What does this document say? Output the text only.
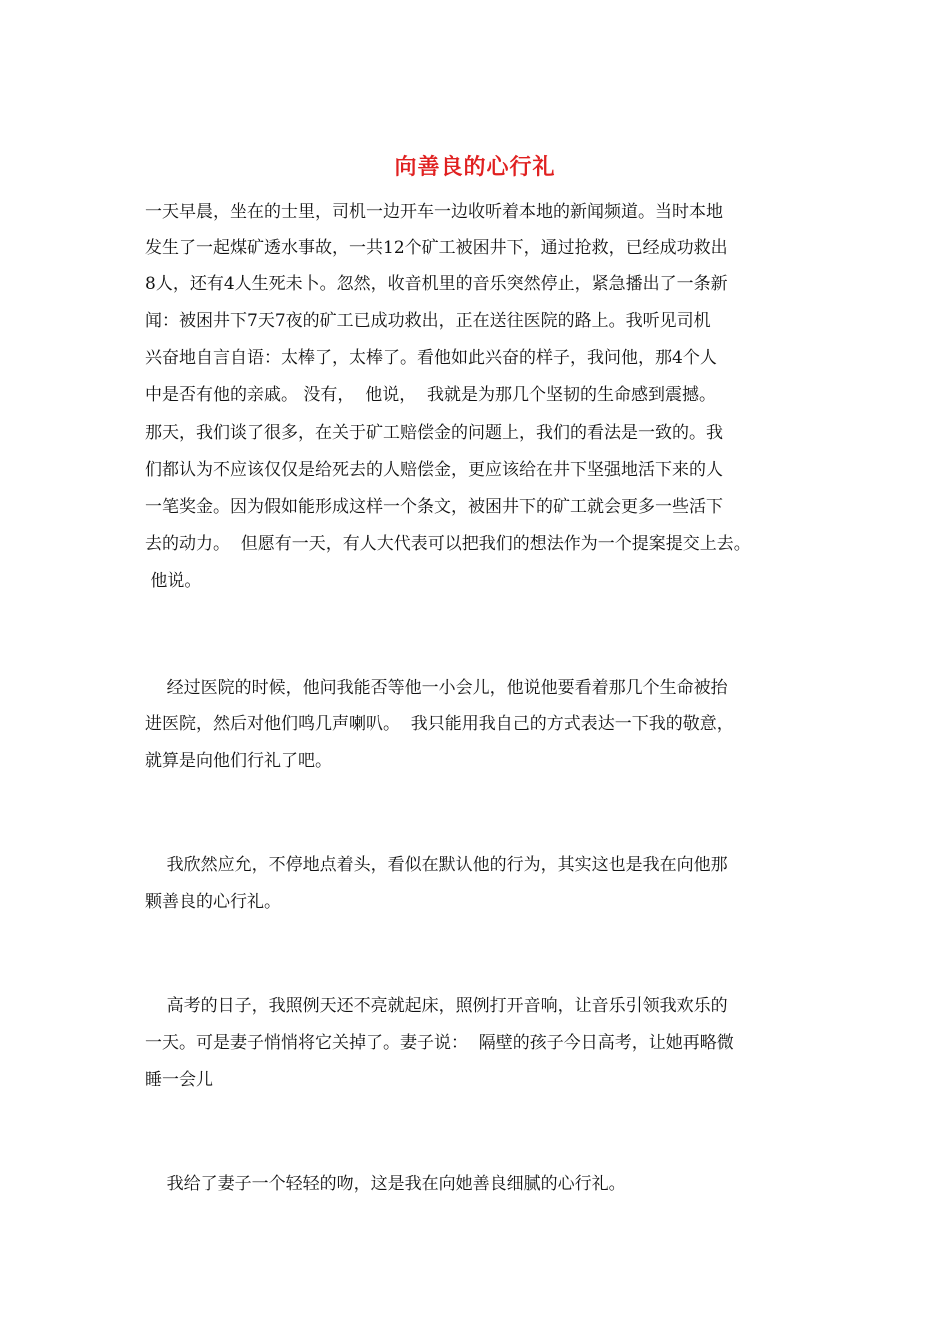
向善良的心行礼
一天早晨，坐在的士里，司机一边开车一边收听着本地的新闻频道。当时本地
发生了一起煤矿透水事故，一共12个矿工被困井下，通过抢救，已经成功救出
8人，还有4人生死未卜。忽然，收音机里的音乐突然停止，紧急播出了一条新
闻：被困井下7天7夜的矿工已成功救出，正在送往医院的路上。我听见司机
兴奋地自言自语：太棒了，太棒了。看他如此兴奋的样子，我问他，那4个人
中是否有他的亲戚。 没有，  他说，  我就是为那几个坚韧的生命感到震撼。
那天，我们谈了很多，在关于矿工赔偿金的问题上，我们的看法是一致的。我
们都认为不应该仅仅是给死去的人赔偿金，更应该给在井下坚强地活下来的人
一笔奖金。因为假如能形成这样一个条文，被困井下的矿工就会更多一些活下
去的动力。  但愿有一天，有人大代表可以把我们的想法作为一个提案提交上去。
他说。
经过医院的时候，他问我能否等他一小会儿，他说他要看着那几个生命被抬
进医院，然后对他们鸣几声喇叭。  我只能用我自己的方式表达一下我的敬意，
就算是向他们行礼了吧。
我欣然应允，不停地点着头，看似在默认他的行为，其实这也是我在向他那
颗善良的心行礼。
高考的日子，我照例天还不亮就起床，照例打开音响，让音乐引领我欢乐的
一天。可是妻子悄悄将它关掉了。妻子说：  隔壁的孩子今日高考，让她再略微
睡一会儿
我给了妻子一个轻轻的吻，这是我在向她善良细腻的心行礼。
